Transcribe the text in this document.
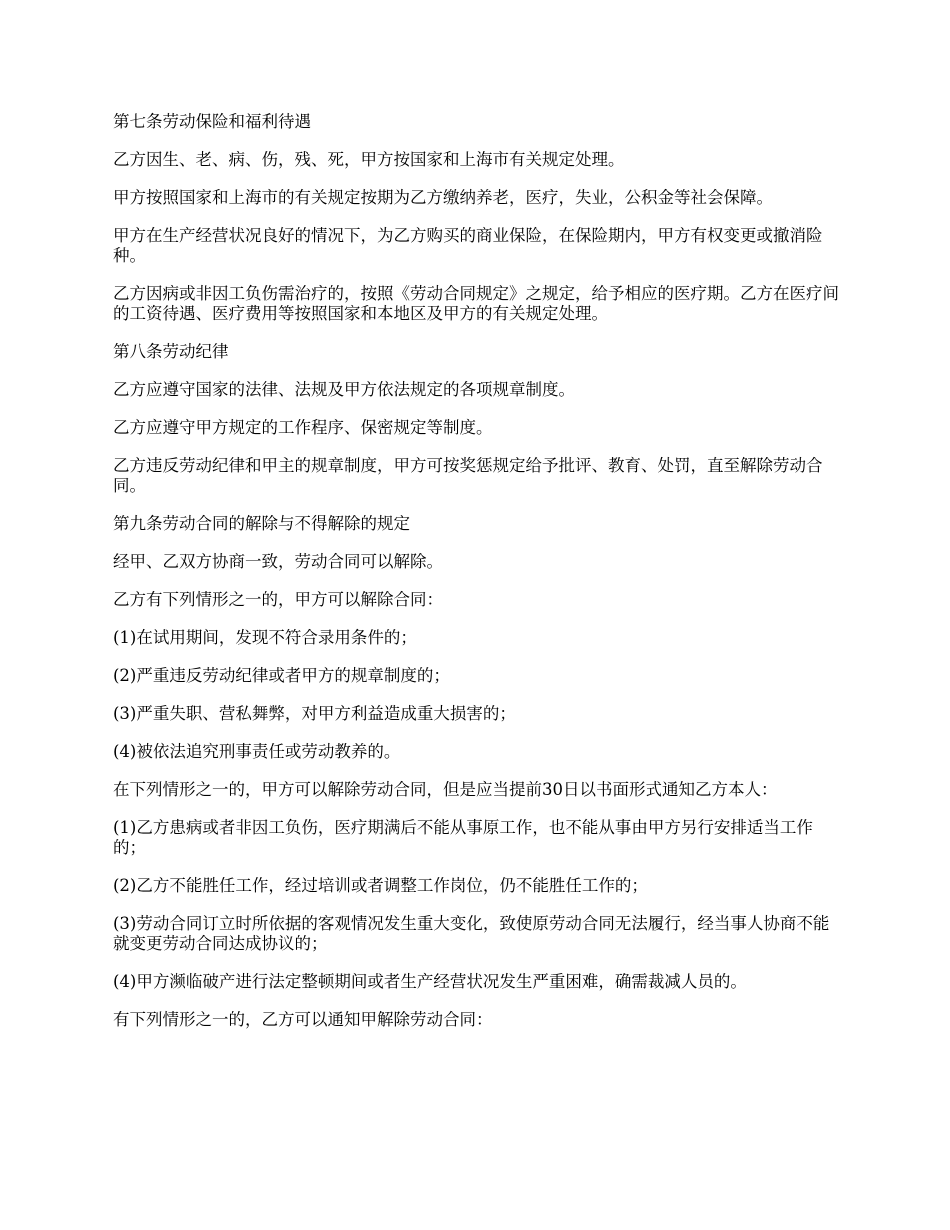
第七条劳动保险和福利待遇

乙方因生、老、病、伤，残、死，甲方按国家和上海市有关规定处理。

甲方按照国家和上海市的有关规定按期为乙方缴纳养老，医疗，失业，公积金等社会保障。

甲方在生产经营状况良好的情况下，为乙方购买的商业保险，在保险期内，甲方有权变更或撤消险种。

乙方因病或非因工负伤需治疗的，按照《劳动合同规定》之规定，给予相应的医疗期。乙方在医疗间的工资待遇、医疗费用等按照国家和本地区及甲方的有关规定处理。

第八条劳动纪律

乙方应遵守国家的法律、法规及甲方依法规定的各项规章制度。

乙方应遵守甲方规定的工作程序、保密规定等制度。

乙方违反劳动纪律和甲主的规章制度，甲方可按奖惩规定给予批评、教育、处罚，直至解除劳动合同。

第九条劳动合同的解除与不得解除的规定

经甲、乙双方协商一致，劳动合同可以解除。

乙方有下列情形之一的，甲方可以解除合同：

(1)在试用期间，发现不符合录用条件的；

(2)严重违反劳动纪律或者甲方的规章制度的；

(3)严重失职、营私舞弊，对甲方利益造成重大损害的；

(4)被依法追究刑事责任或劳动教养的。

在下列情形之一的，甲方可以解除劳动合同，但是应当提前30日以书面形式通知乙方本人：

(1)乙方患病或者非因工负伤，医疗期满后不能从事原工作，也不能从事由甲方另行安排适当工作的；

(2)乙方不能胜任工作，经过培训或者调整工作岗位，仍不能胜任工作的；

(3)劳动合同订立时所依据的客观情况发生重大变化，致使原劳动合同无法履行，经当事人协商不能就变更劳动合同达成协议的；

(4)甲方濒临破产进行法定整顿期间或者生产经营状况发生严重困难，确需裁减人员的。

有下列情形之一的，乙方可以通知甲解除劳动合同：
